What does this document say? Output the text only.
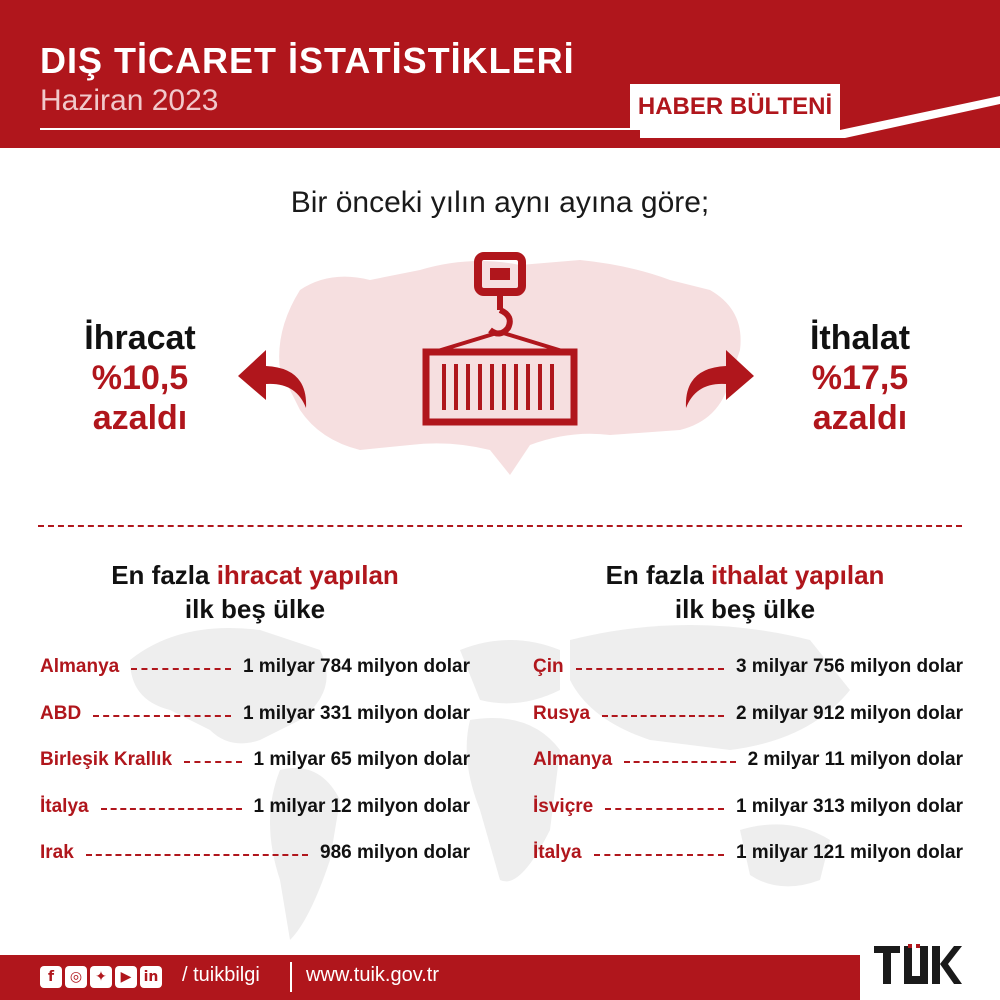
DIŞ TİCARET İSTATİSTİKLERİ
Haziran 2023	HABER BÜLTENİ
Bir önceki yılın aynı ayına göre;
İhracat
%10,5
azaldı
İthalat
%17,5
azaldı
En fazla ihracat yapılan
ilk beş ülke
En fazla ithalat yapılan
ilk beş ülke
Almanya	1 milyar 784 milyon dolar
ABD	1 milyar 331 milyon dolar
Birleşik Krallık	1 milyar 65 milyon dolar
İtalya	1 milyar 12 milyon dolar
Irak	986 milyon dolar
Çin	3 milyar 756 milyon dolar
Rusya	2 milyar 912 milyon dolar
Almanya	2 milyar 11 milyon dolar
İsviçre	1 milyar 313 milyon dolar
İtalya	1 milyar 121 milyon dolar
f	◎ ✦ ▶ in / tuikbilgi www.tuik.gov.tr
